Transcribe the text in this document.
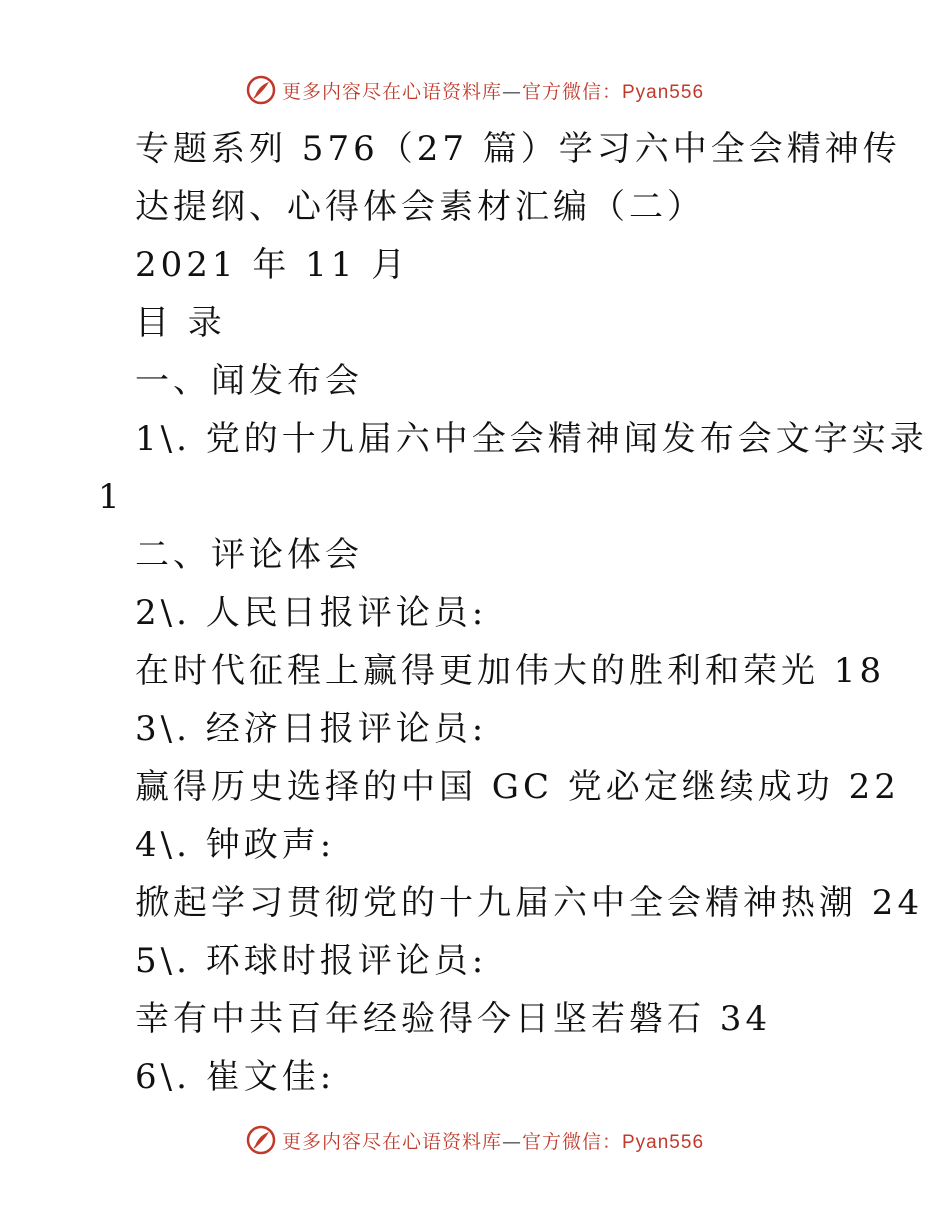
更多内容尽在心语资料库—官方微信：Pyan556
专题系列 576（27 篇）学习六中全会精神传
达提纲、心得体会素材汇编（二）
2021 年 11 月
目 录
一、闻发布会
1\. 党的十九届六中全会精神闻发布会文字实录
1
二、评论体会
2\. 人民日报评论员:
在时代征程上赢得更加伟大的胜利和荣光 18
3\. 经济日报评论员:
赢得历史选择的中国 GC 党必定继续成功 22
4\. 钟政声:
掀起学习贯彻党的十九届六中全会精神热潮 24
5\. 环球时报评论员:
幸有中共百年经验得今日坚若磐石 34
6\. 崔文佳:
更多内容尽在心语资料库—官方微信：Pyan556
